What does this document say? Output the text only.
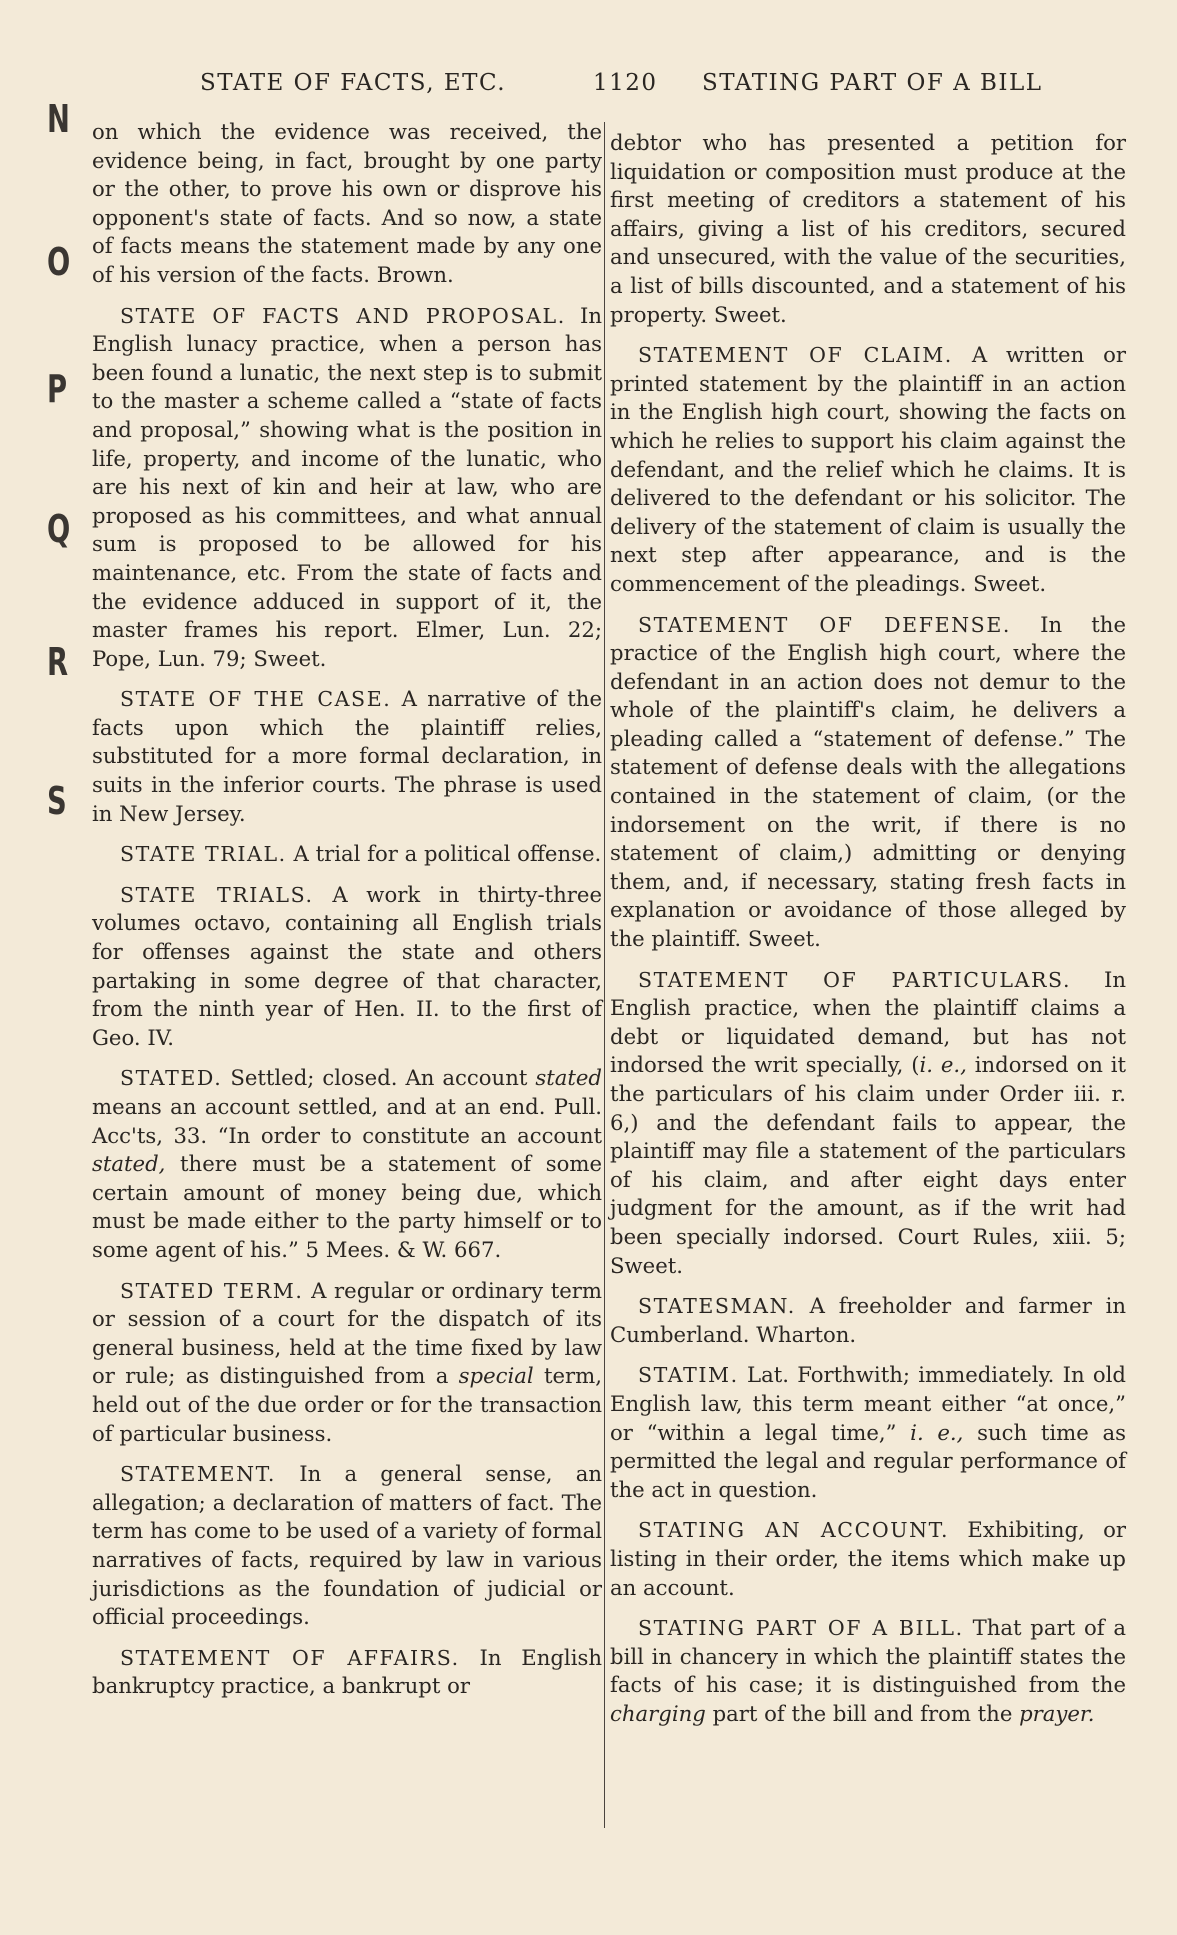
STATE OF FACTS, ETC.	1120 STATING PART OF A BILL
N
O
P
Q
R
S

on which the evidence was received, the evidence being, in fact, brought by one party or the other, to prove his own or disprove his opponent's state of facts. And so now, a state of facts means the statement made by any one of his version of the facts. Brown.

STATE OF FACTS AND PROPOSAL. In English lunacy practice, when a person has been found a lunatic, the next step is to submit to the master a scheme called a “state of facts and proposal,” showing what is the position in life, property, and income of the lunatic, who are his next of kin and heir at law, who are proposed as his committees, and what annual sum is proposed to be allowed for his maintenance, etc. From the state of facts and the evidence adduced in support of it, the master frames his report. Elmer, Lun. 22; Pope, Lun. 79; Sweet.

STATE OF THE CASE. A narrative of the facts upon which the plaintiff relies, substituted for a more formal declaration, in suits in the inferior courts. The phrase is used in New Jersey.

STATE TRIAL. A trial for a political offense.

STATE TRIALS. A work in thirty-three volumes octavo, containing all English trials for offenses against the state and others partaking in some degree of that character, from the ninth year of Hen. II. to the first of Geo. IV.

STATED. Settled; closed. An account stated means an account settled, and at an end. Pull. Acc'ts, 33. “In order to constitute an account stated, there must be a statement of some certain amount of money being due, which must be made either to the party himself or to some agent of his.” 5 Mees. & W. 667.

STATED TERM. A regular or ordinary term or session of a court for the dispatch of its general business, held at the time fixed by law or rule; as distinguished from a special term, held out of the due order or for the transaction of particular business.

STATEMENT. In a general sense, an allegation; a declaration of matters of fact. The term has come to be used of a variety of formal narratives of facts, required by law in various jurisdictions as the foundation of judicial or official proceedings.

STATEMENT OF AFFAIRS. In English bankruptcy practice, a bankrupt or

debtor who has presented a petition for liquidation or composition must produce at the first meeting of creditors a statement of his affairs, giving a list of his creditors, secured and unsecured, with the value of the securities, a list of bills discounted, and a statement of his property. Sweet.

STATEMENT OF CLAIM. A written or printed statement by the plaintiff in an action in the English high court, showing the facts on which he relies to support his claim against the defendant, and the relief which he claims. It is delivered to the defendant or his solicitor. The delivery of the statement of claim is usually the next step after appearance, and is the commencement of the pleadings. Sweet.

STATEMENT OF DEFENSE. In the practice of the English high court, where the defendant in an action does not demur to the whole of the plaintiff's claim, he delivers a pleading called a “statement of defense.” The statement of defense deals with the allegations contained in the statement of claim, (or the indorsement on the writ, if there is no statement of claim,) admitting or denying them, and, if necessary, stating fresh facts in explanation or avoidance of those alleged by the plaintiff. Sweet.

STATEMENT OF PARTICULARS. In English practice, when the plaintiff claims a debt or liquidated demand, but has not indorsed the writ specially, (i. e., indorsed on it the particulars of his claim under Order iii. r. 6,) and the defendant fails to appear, the plaintiff may file a statement of the particulars of his claim, and after eight days enter judgment for the amount, as if the writ had been specially indorsed. Court Rules, xiii. 5; Sweet.

STATESMAN. A freeholder and farmer in Cumberland. Wharton.

STATIM. Lat. Forthwith; immediately. In old English law, this term meant either “at once,” or “within a legal time,” i. e., such time as permitted the legal and regular performance of the act in question.

STATING AN ACCOUNT. Exhibiting, or listing in their order, the items which make up an account.

STATING PART OF A BILL. That part of a bill in chancery in which the plaintiff states the facts of his case; it is distinguished from the charging part of the bill and from the prayer.
